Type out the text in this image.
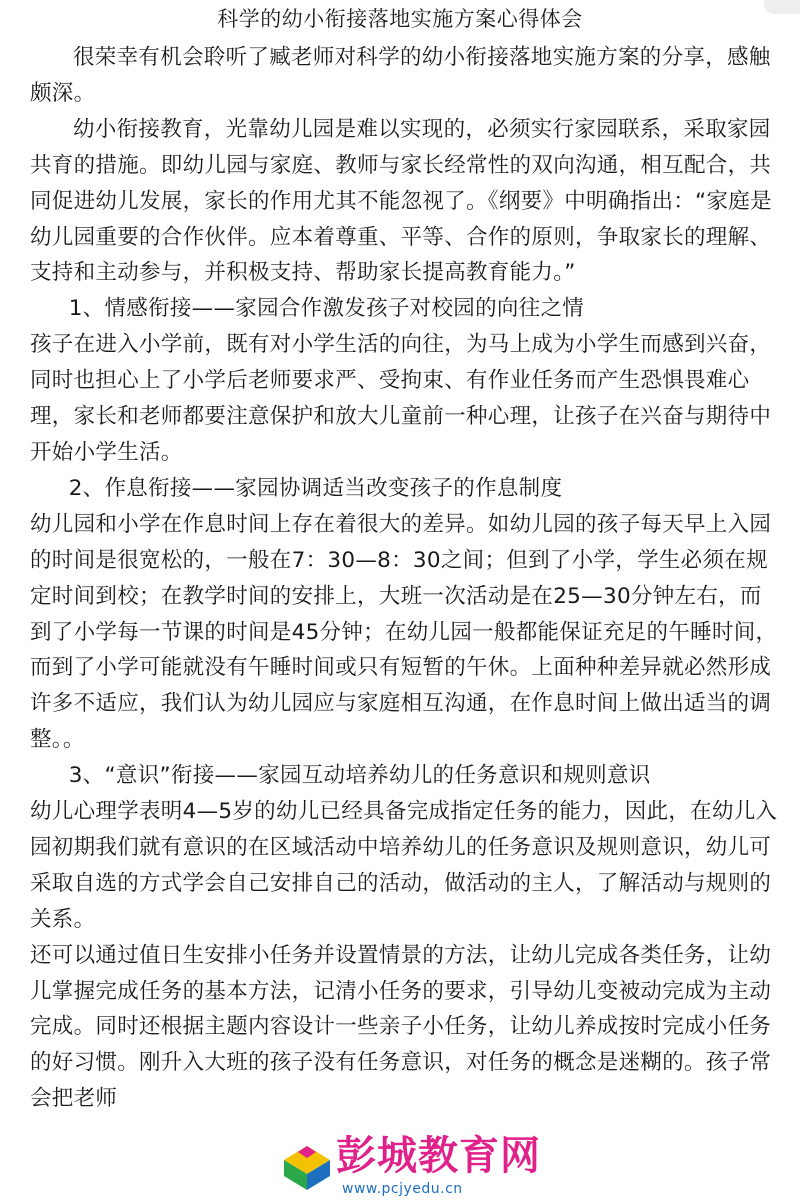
科学的幼小衔接落地实施方案心得体会

很荣幸有机会聆听了臧老师对科学的幼小衔接落地实施方案的分享，感触颇深。

幼小衔接教育，光靠幼儿园是难以实现的，必须实行家园联系，采取家园共育的措施。即幼儿园与家庭、教师与家长经常性的双向沟通，相互配合，共同促进幼儿发展，家长的作用尤其不能忽视了。《纲要》中明确指出：“家庭是幼儿园重要的合作伙伴。应本着尊重、平等、合作的原则，争取家长的理解、支持和主动参与，并积极支持、帮助家长提高教育能力。”

1、情感衔接——家园合作激发孩子对校园的向往之情

孩子在进入小学前，既有对小学生活的向往，为马上成为小学生而感到兴奋，同时也担心上了小学后老师要求严、受拘束、有作业任务而产生恐惧畏难心理，家长和老师都要注意保护和放大儿童前一种心理，让孩子在兴奋与期待中开始小学生活。

2、作息衔接——家园协调适当改变孩子的作息制度

幼儿园和小学在作息时间上存在着很大的差异。如幼儿园的孩子每天早上入园的时间是很宽松的，一般在7：30—8：30之间；但到了小学，学生必须在规定时间到校；在教学时间的安排上，大班一次活动是在25—30分钟左右，而到了小学每一节课的时间是45分钟；在幼儿园一般都能保证充足的午睡时间，而到了小学可能就没有午睡时间或只有短暂的午休。上面种种差异就必然形成许多不适应，我们认为幼儿园应与家庭相互沟通，在作息时间上做出适当的调整。。

3、“意识”衔接——家园互动培养幼儿的任务意识和规则意识

幼儿心理学表明4—5岁的幼儿已经具备完成指定任务的能力，因此，在幼儿入园初期我们就有意识的在区域活动中培养幼儿的任务意识及规则意识，幼儿可采取自选的方式学会自己安排自己的活动，做活动的主人，了解活动与规则的关系。

还可以通过值日生安排小任务并设置情景的方法，让幼儿完成各类任务，让幼儿掌握完成任务的基本方法，记清小任务的要求，引导幼儿变被动完成为主动完成。同时还根据主题内容设计一些亲子小任务，让幼儿养成按时完成小任务的好习惯。刚升入大班的孩子没有任务意识，对任务的概念是迷糊的。孩子常会把老师

彭城教育网
www.pcjyedu.cn
